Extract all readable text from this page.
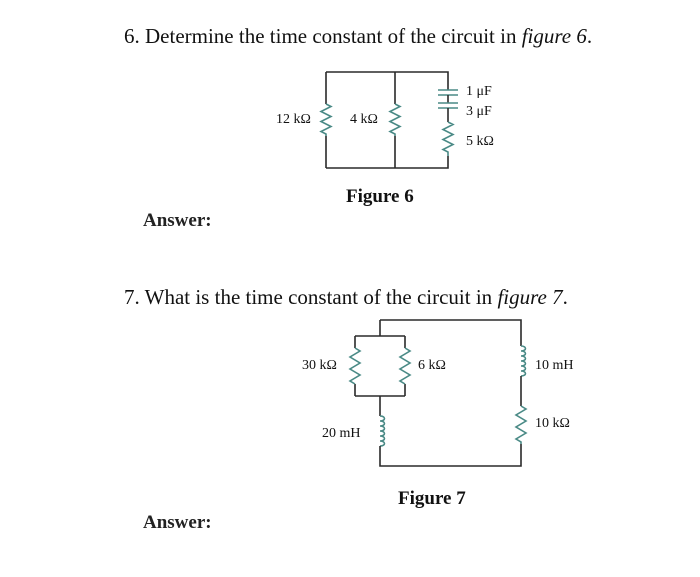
6. Determine the time constant of the circuit in figure 6.
12 kΩ	4 kΩ
1 μF
3 μF
5 kΩ
Figure 6
Answer:
7. What is the time constant of the circuit in figure 7.
30 kΩ	6 kΩ
20 mH
10 mH
10 kΩ
Figure 7
Answer:
